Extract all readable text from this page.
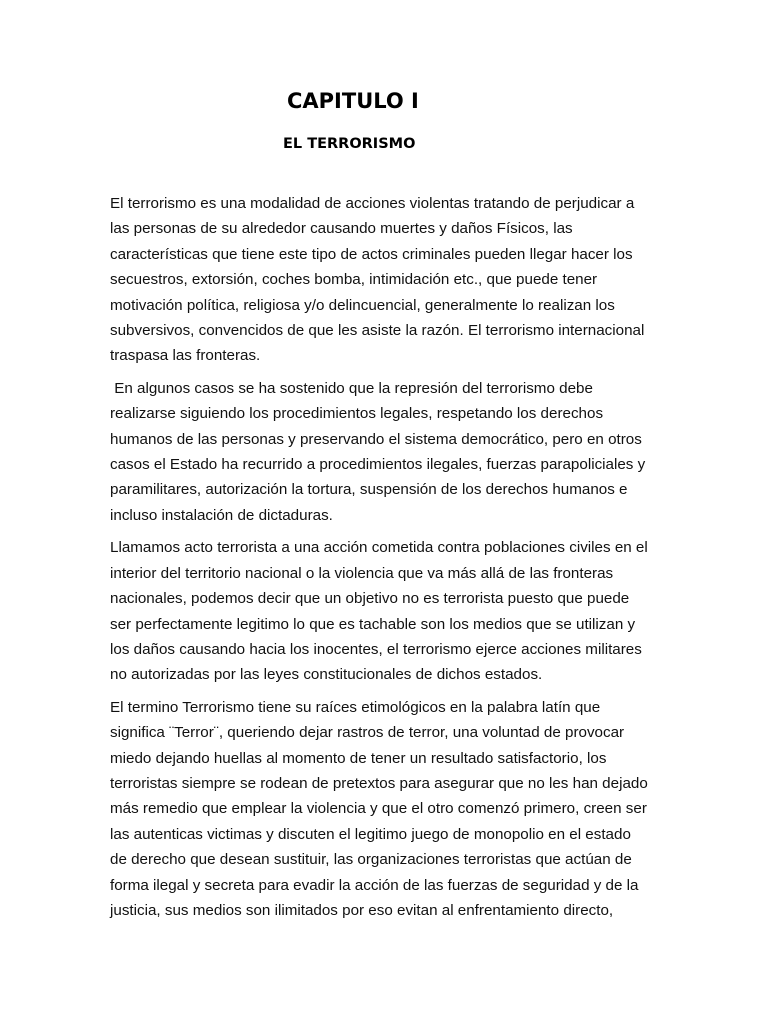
CAPITULO I
EL TERRORISMO

El terrorismo es una modalidad de acciones violentas tratando de perjudicar a
las personas de su alrededor causando muertes y daños Físicos, las
características que tiene este tipo de actos criminales pueden llegar hacer los
secuestros, extorsión, coches bomba, intimidación etc., que puede tener
motivación política, religiosa y/o delincuencial, generalmente lo realizan los
subversivos, convencidos de que les asiste la razón. El terrorismo internacional
traspasa las fronteras.

En algunos casos se ha sostenido que la represión del terrorismo debe
realizarse siguiendo los procedimientos legales, respetando los derechos
humanos de las personas y preservando el sistema democrático, pero en otros
casos el Estado ha recurrido a procedimientos ilegales, fuerzas parapoliciales y
paramilitares, autorización la tortura, suspensión de los derechos humanos e
incluso instalación de dictaduras.

Llamamos acto terrorista a una acción cometida contra poblaciones civiles en el
interior del territorio nacional o la violencia que va más allá de las fronteras
nacionales, podemos decir que un objetivo no es terrorista puesto que puede
ser perfectamente legitimo lo que es tachable son los medios que se utilizan y
los daños causando hacia los inocentes, el terrorismo ejerce acciones militares
no autorizadas por las leyes constitucionales de dichos estados.

El termino Terrorismo tiene su raíces etimológicos en la palabra latín que
significa ¨Terror¨, queriendo dejar rastros de terror, una voluntad de provocar
miedo dejando huellas al momento de tener un resultado satisfactorio, los
terroristas siempre se rodean de pretextos para asegurar que no les han dejado
más remedio que emplear la violencia y que el otro comenzó primero, creen ser
las autenticas victimas y discuten el legitimo juego de monopolio en el estado
de derecho que desean sustituir, las organizaciones terroristas que actúan de
forma ilegal y secreta para evadir la acción de las fuerzas de seguridad y de la
justicia, sus medios son ilimitados por eso evitan al enfrentamiento directo,
